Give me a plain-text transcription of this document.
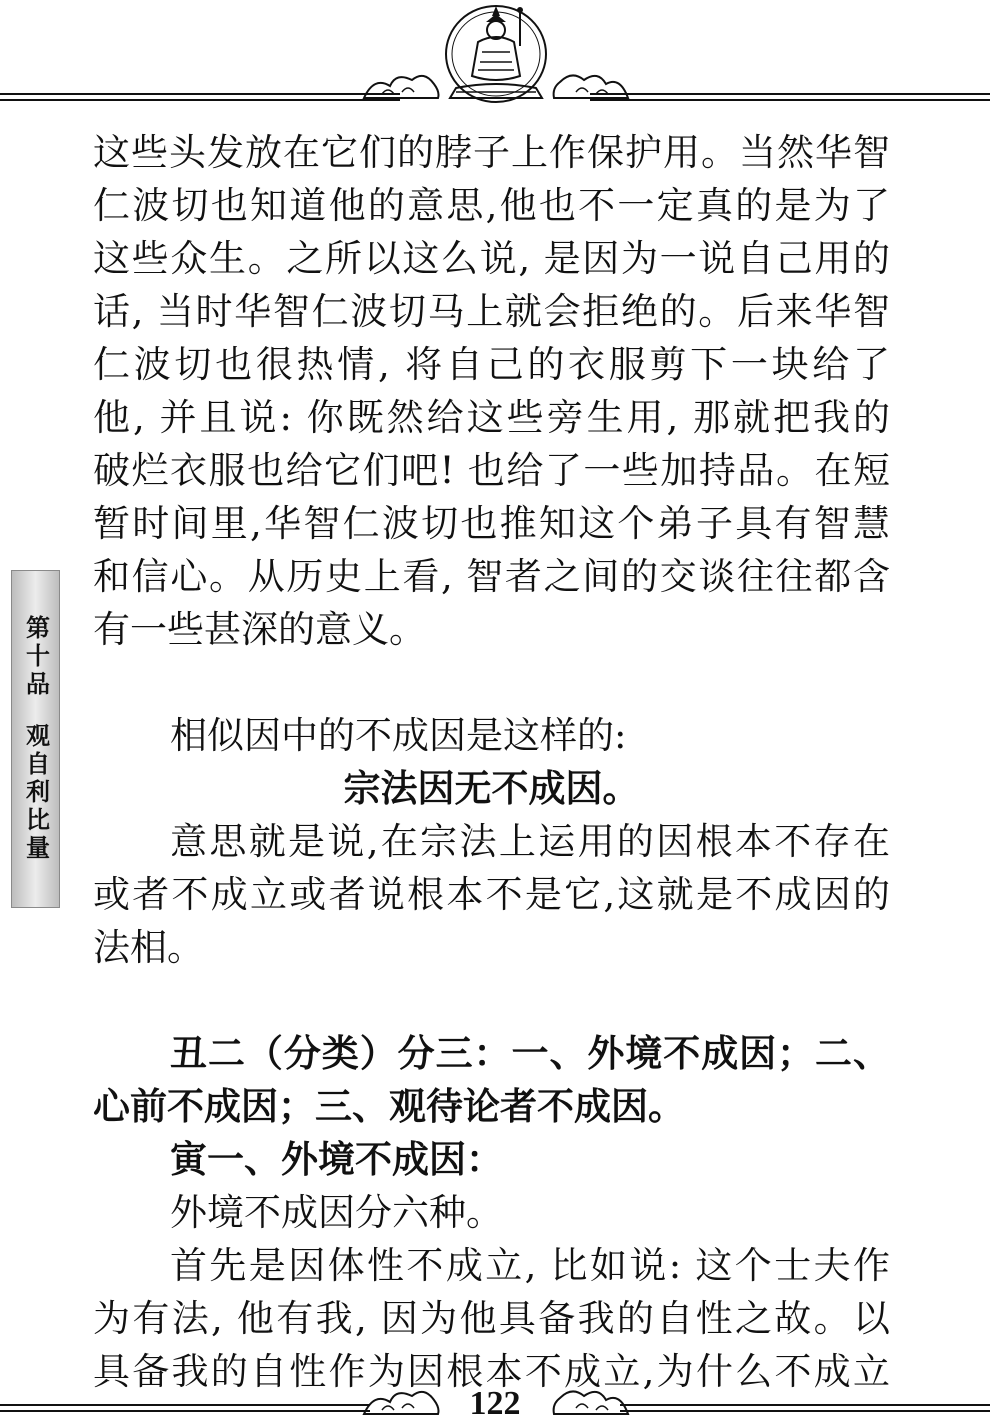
第十品
观自利比量
这些头发放在它们的脖子上作保护用。当然华智
仁波切也知道他的意思,他也不一定真的是为了
这些众生。之所以这么说, 是因为一说自己用的
话, 当时华智仁波切马上就会拒绝的。后来华智
仁波切也很热情, 将自己的衣服剪下一块给了
他, 并且说: 你既然给这些旁生用, 那就把我的
破烂衣服也给它们吧! 也给了一些加持品。在短
暂时间里,华智仁波切也推知这个弟子具有智慧
和信心。从历史上看, 智者之间的交谈往往都含
有一些甚深的意义。
相似因中的不成因是这样的:
宗法因无不成因。
意思就是说,在宗法上运用的因根本不存在
或者不成立或者说根本不是它,这就是不成因的
法相。
丑二（分类）分三：一、外境不成因；二、
心前不成因；三、观待论者不成因。
寅一、外境不成因：
外境不成因分六种。
首先是因体性不成立, 比如说: 这个士夫作
为有法, 他有我, 因为他具备我的自性之故。以
具备我的自性作为因根本不成立,为什么不成立
122
